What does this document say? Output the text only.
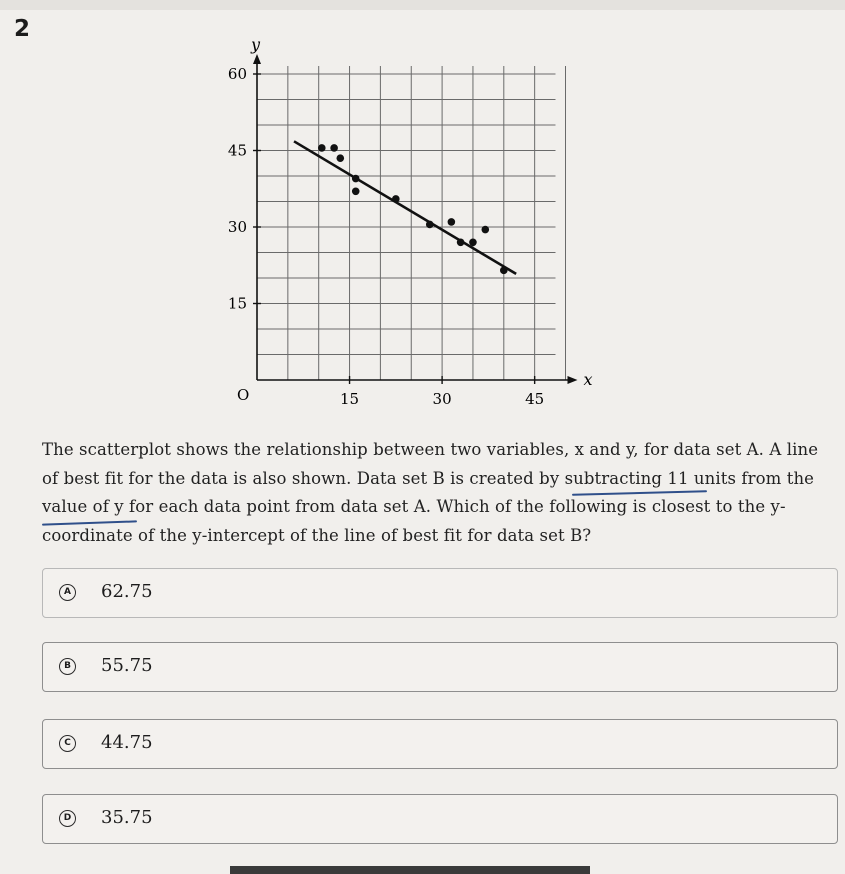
2
x
y
O	15	30	45
15
30
45
60
The scatterplot shows the relationship between two variables, x and y, for data set A. A line of best fit for the data is also shown. Data set B is created by subtracting 11 units from the value of y for each data point from data set A. Which of the following is closest to the y-coordinate of the y-intercept of the line of best fit for data set B?
A 62.75
B 55.75
C 44.75
D 35.75
